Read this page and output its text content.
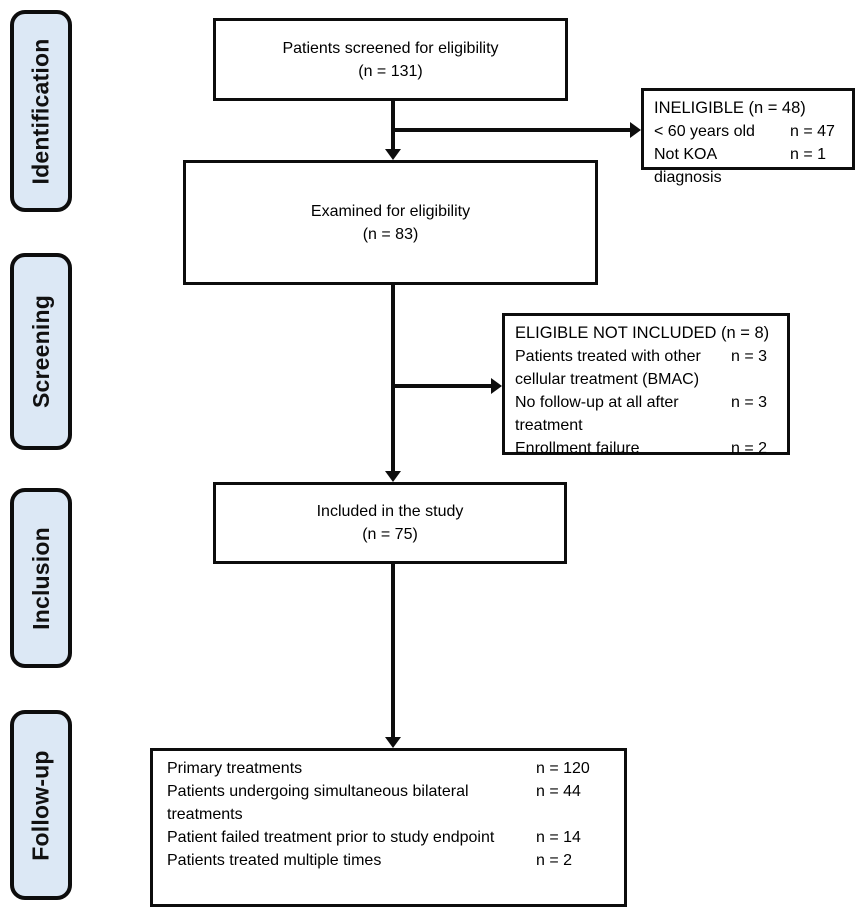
Identification
Screening
Inclusion
Follow-up
Patients screened for eligibility
(n = 131)
Examined for eligibility
(n = 83)
Included in the study
(n = 75)
Primary treatments	n = 120
Patients undergoing simultaneous bilateral treatments
n = 44
Patient failed treatment prior to study endpoint	n = 14
Patients treated multiple times	n = 2
INELIGIBLE (n = 48)
< 60 years old	n = 47
Not KOA diagnosis
n = 1
ELIGIBLE NOT INCLUDED (n = 8)
Patients treated with other cellular treatment (BMAC)
n = 3
No follow-up at all after treatment
n = 3
Enrollment failure	n = 2
